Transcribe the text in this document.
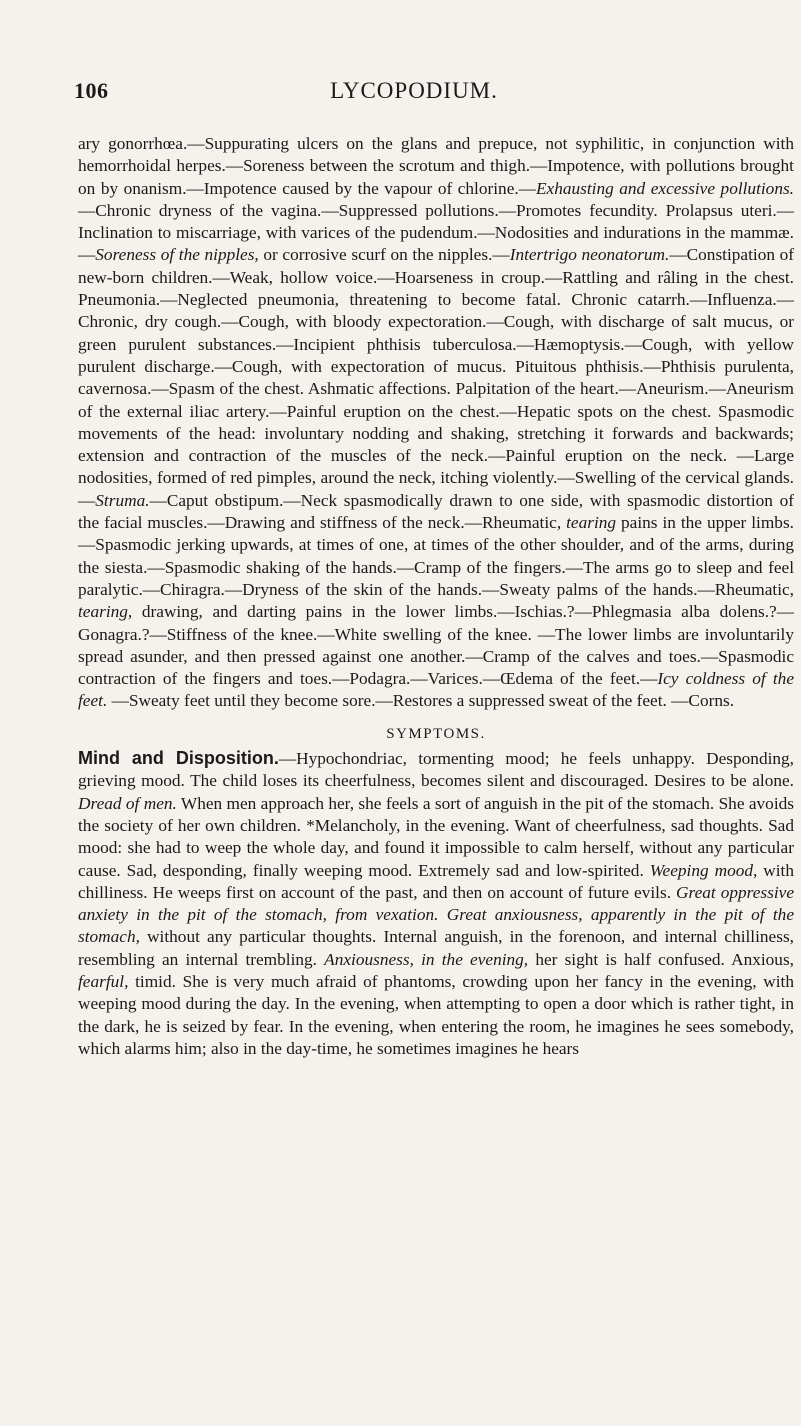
106	LYCOPODIUM.

ary gonorrhœa.—Suppurating ulcers on the glans and prepuce, not syphilitic, in conjunction with hemorrhoidal herpes.—Soreness between the scrotum and thigh.—Impotence, with pollutions brought on by onanism.—Impotence caused by the vapour of chlorine.—Exhausting and excessive pollutions.—Chronic dryness of the vagina.—Suppressed pollutions.—Promotes fecundity. Prolapsus uteri.—Inclination to miscarriage, with varices of the pudendum.—Nodosities and indurations in the mammæ.—Soreness of the nipples, or corrosive scurf on the nipples.—Intertrigo neonatorum.—Constipation of new-born children.—Weak, hollow voice.—Hoarseness in croup.—Rattling and râling in the chest. Pneumonia.—Neglected pneumonia, threatening to become fatal. Chronic catarrh.—Influenza.—Chronic, dry cough.—Cough, with bloody expectoration.—Cough, with discharge of salt mucus, or green purulent substances.—Incipient phthisis tuberculosa.—Hæmoptysis.—Cough, with yellow purulent discharge.—Cough, with expectoration of mucus. Pituitous phthisis.—Phthisis purulenta, cavernosa.—Spasm of the chest. Ashmatic affections. Palpitation of the heart.—Aneurism.—Aneurism of the external iliac artery.—Painful eruption on the chest.—Hepatic spots on the chest. Spasmodic movements of the head: involuntary nodding and shaking, stretching it forwards and backwards; extension and contraction of the muscles of the neck.—Painful eruption on the neck. —Large nodosities, formed of red pimples, around the neck, itching violently.—Swelling of the cervical glands.—Struma.—Caput obstipum.—Neck spasmodically drawn to one side, with spasmodic distortion of the facial muscles.—Drawing and stiffness of the neck.—Rheumatic, tearing pains in the upper limbs.—Spasmodic jerking upwards, at times of one, at times of the other shoulder, and of the arms, during the siesta.—Spasmodic shaking of the hands.—Cramp of the fingers.—The arms go to sleep and feel paralytic.—Chiragra.—Dryness of the skin of the hands.—Sweaty palms of the hands.—Rheumatic, tearing, drawing, and darting pains in the lower limbs.—Ischias.?—Phlegmasia alba dolens.?—Gonagra.?—Stiffness of the knee.—White swelling of the knee. —The lower limbs are involuntarily spread asunder, and then pressed against one another.—Cramp of the calves and toes.—Spasmodic contraction of the fingers and toes.—Podagra.—Varices.—Œdema of the feet.—Icy coldness of the feet. —Sweaty feet until they become sore.—Restores a suppressed sweat of the feet. —Corns.

SYMPTOMS.

Mind and Disposition.—Hypochondriac, tormenting mood; he feels unhappy. Desponding, grieving mood. The child loses its cheerfulness, becomes silent and discouraged. Desires to be alone. Dread of men. When men approach her, she feels a sort of anguish in the pit of the stomach. She avoids the society of her own children. *Melancholy, in the evening. Want of cheerfulness, sad thoughts. Sad mood: she had to weep the whole day, and found it impossible to calm herself, without any particular cause. Sad, desponding, finally weeping mood. Extremely sad and low-spirited. Weeping mood, with chilliness. He weeps first on account of the past, and then on account of future evils. Great oppressive anxiety in the pit of the stomach, from vexation. Great anxiousness, apparently in the pit of the stomach, without any particular thoughts. Internal anguish, in the forenoon, and internal chilliness, resembling an internal trembling. Anxiousness, in the evening, her sight is half confused. Anxious, fearful, timid. She is very much afraid of phantoms, crowding upon her fancy in the evening, with weeping mood during the day. In the evening, when attempting to open a door which is rather tight, in the dark, he is seized by fear. In the evening, when entering the room, he imagines he sees somebody, which alarms him; also in the day-time, he sometimes imagines he hears
